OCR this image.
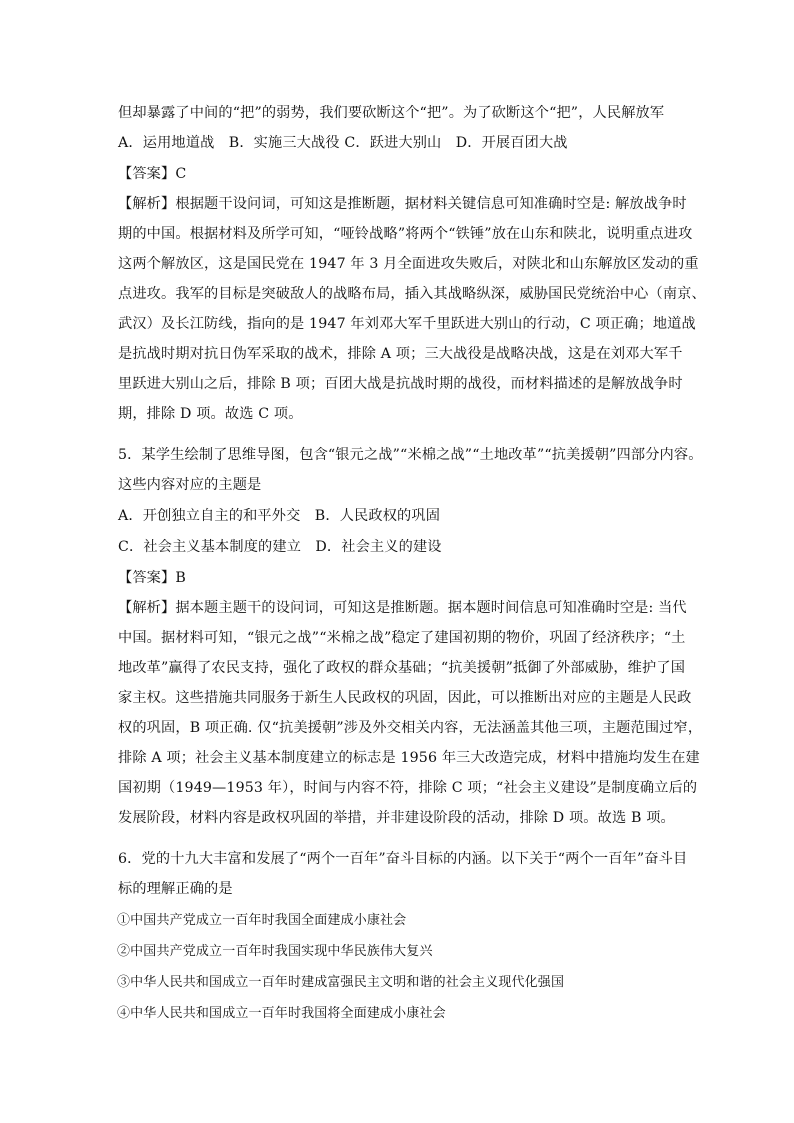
但却暴露了中间的“把”的弱势，我们要砍断这个“把”。为了砍断这个“把”，人民解放军
A．运用地道战　B．实施三大战役 C．跃进大别山　D．开展百团大战
【答案】C
【解析】根据题干设问词，可知这是推断题，据材料关键信息可知准确时空是: 解放战争时
期的中国。根据材料及所学可知，“哑铃战略”将两个“铁锤”放在山东和陕北，说明重点进攻
这两个解放区，这是国民党在 1947 年 3 月全面进攻失败后，对陕北和山东解放区发动的重
点进攻。我军的目标是突破敌人的战略布局，插入其战略纵深，威胁国民党统治中心（南京、
武汉）及长江防线，指向的是 1947 年刘邓大军千里跃进大别山的行动，C 项正确；地道战
是抗战时期对抗日伪军采取的战术，排除 A 项；三大战役是战略决战，这是在刘邓大军千
里跃进大别山之后，排除 B 项；百团大战是抗战时期的战役，而材料描述的是解放战争时
期，排除 D 项。故选 C 项。
5．某学生绘制了思维导图，包含“银元之战”“米棉之战”“土地改革”“抗美援朝”四部分内容。
这些内容对应的主题是
A．开创独立自主的和平外交　B．人民政权的巩固
C．社会主义基本制度的建立　D．社会主义的建设
【答案】B
【解析】据本题主题干的设问词，可知这是推断题。据本题时间信息可知准确时空是: 当代
中国。据材料可知，“银元之战”“米棉之战”稳定了建国初期的物价，巩固了经济秩序；“土
地改革”赢得了农民支持，强化了政权的群众基础；“抗美援朝”抵御了外部威胁，维护了国
家主权。这些措施共同服务于新生人民政权的巩固，因此，可以推断出对应的主题是人民政
权的巩固，B 项正确. 仅“抗美援朝”涉及外交相关内容，无法涵盖其他三项，主题范围过窄，
排除 A 项；社会主义基本制度建立的标志是 1956 年三大改造完成，材料中措施均发生在建
国初期（1949—1953 年），时间与内容不符，排除 C 项；“社会主义建设”是制度确立后的
发展阶段，材料内容是政权巩固的举措，并非建设阶段的活动，排除 D 项。故选 B 项。
6．党的十九大丰富和发展了“两个一百年”奋斗目标的内涵。以下关于“两个一百年”奋斗目
标的理解正确的是
①中国共产党成立一百年时我国全面建成小康社会
②中国共产党成立一百年时我国实现中华民族伟大复兴
③中华人民共和国成立一百年时建成富强民主文明和谐的社会主义现代化强国
④中华人民共和国成立一百年时我国将全面建成小康社会
